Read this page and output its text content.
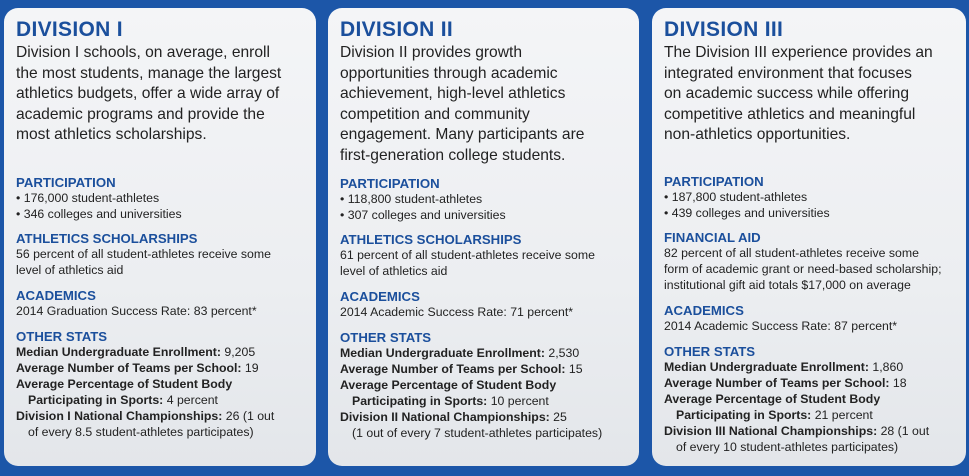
DIVISION I

Division I schools, on average, enroll

the most students, manage the largest

athletics budgets, offer a wide array of

academic programs and provide the

most athletics scholarships.

PARTICIPATION

• 176,000 student-athletes

• 346 colleges and universities

ATHLETICS SCHOLARSHIPS

56 percent of all student-athletes receive some

level of athletics aid

ACADEMICS

2014 Graduation Success Rate: 83 percent*

OTHER STATS

Median Undergraduate Enrollment: 9,205

Average Number of Teams per School: 19

Average Percentage of Student Body

Participating in Sports: 4 percent

Division I National Championships: 26 (1 out

of every 8.5 student-athletes participates)

DIVISION II

Division II provides growth

opportunities through academic

achievement, high-level athletics

competition and community

engagement. Many participants are

first-generation college students.

PARTICIPATION

• 118,800 student-athletes

• 307 colleges and universities

ATHLETICS SCHOLARSHIPS

61 percent of all student-athletes receive some

level of athletics aid

ACADEMICS

2014 Academic Success Rate: 71 percent*

OTHER STATS

Median Undergraduate Enrollment: 2,530

Average Number of Teams per School: 15

Average Percentage of Student Body

Participating in Sports: 10 percent

Division II National Championships: 25

(1 out of every 7 student-athletes participates)

DIVISION III

The Division III experience provides an

integrated environment that focuses

on academic success while offering

competitive athletics and meaningful

non-athletics opportunities.

PARTICIPATION

• 187,800 student-athletes

• 439 colleges and universities

FINANCIAL AID

82 percent of all student-athletes receive some

form of academic grant or need-based scholarship;

institutional gift aid totals $17,000 on average

ACADEMICS

2014 Academic Success Rate: 87 percent*

OTHER STATS

Median Undergraduate Enrollment: 1,860

Average Number of Teams per School: 18

Average Percentage of Student Body

Participating in Sports: 21 percent

Division III National Championships: 28 (1 out

of every 10 student-athletes participates)
